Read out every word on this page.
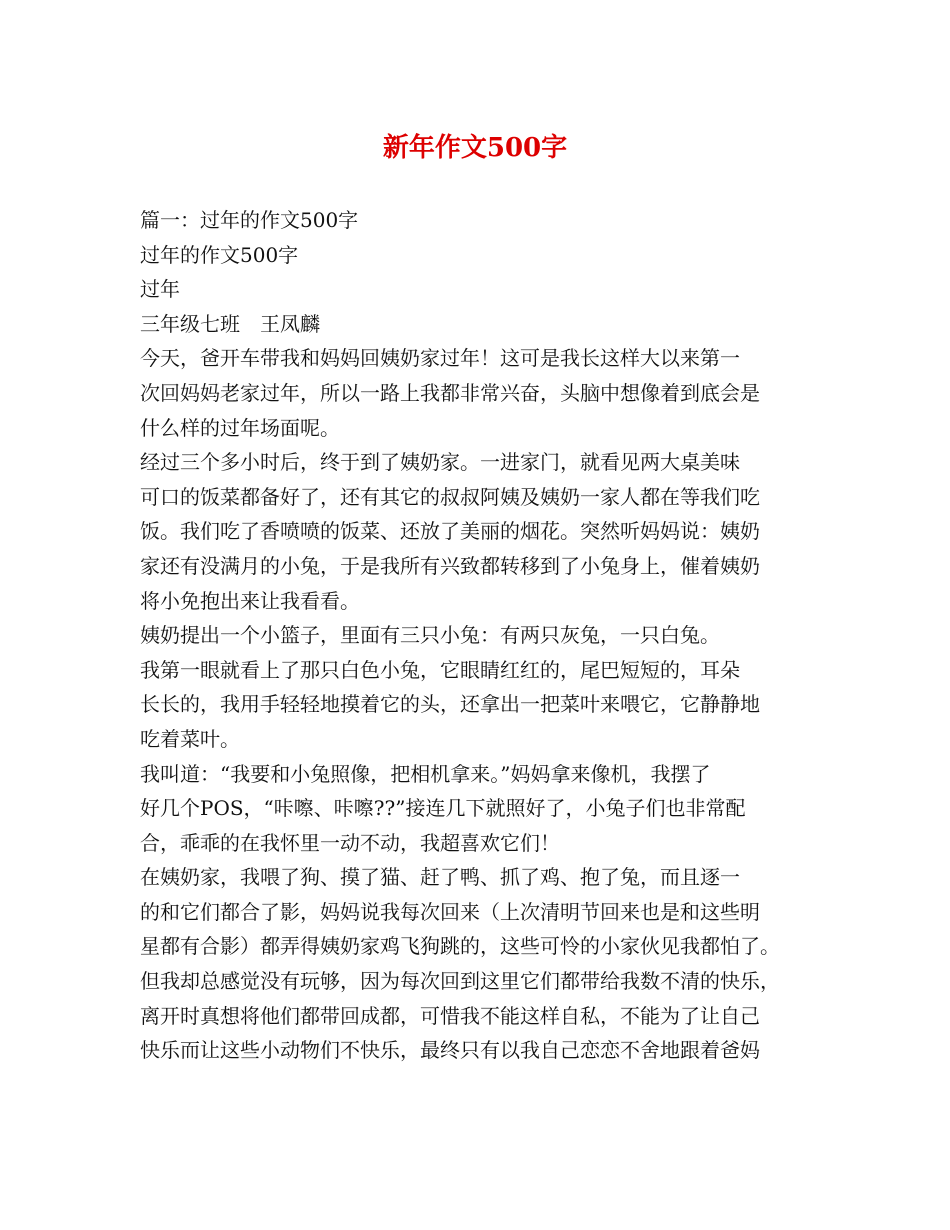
新年作文500字

篇一：过年的作文500字

过年的作文500字

过年

三年级七班　王凤麟

今天，爸开车带我和妈妈回姨奶家过年！这可是我长这样大以来第一

次回妈妈老家过年，所以一路上我都非常兴奋，头脑中想像着到底会是

什么样的过年场面呢。

经过三个多小时后，终于到了姨奶家。一进家门，就看见两大桌美味

可口的饭菜都备好了，还有其它的叔叔阿姨及姨奶一家人都在等我们吃

饭。我们吃了香喷喷的饭菜、还放了美丽的烟花。突然听妈妈说：姨奶

家还有没满月的小兔，于是我所有兴致都转移到了小兔身上，催着姨奶

将小免抱出来让我看看。

姨奶提出一个小篮子，里面有三只小兔：有两只灰兔，一只白兔。

我第一眼就看上了那只白色小兔，它眼睛红红的，尾巴短短的，耳朵

长长的，我用手轻轻地摸着它的头，还拿出一把菜叶来喂它，它静静地

吃着菜叶。

我叫道：“我要和小兔照像，把相机拿来。”妈妈拿来像机，我摆了

好几个POS，“咔嚓、咔嚓??”接连几下就照好了，小兔子们也非常配

合，乖乖的在我怀里一动不动，我超喜欢它们！

在姨奶家，我喂了狗、摸了猫、赶了鸭、抓了鸡、抱了兔，而且逐一

的和它们都合了影，妈妈说我每次回来（上次清明节回来也是和这些明

星都有合影）都弄得姨奶家鸡飞狗跳的，这些可怜的小家伙见我都怕了。

但我却总感觉没有玩够，因为每次回到这里它们都带给我数不清的快乐，

离开时真想将他们都带回成都，可惜我不能这样自私，不能为了让自己

快乐而让这些小动物们不快乐，最终只有以我自己恋恋不舍地跟着爸妈
